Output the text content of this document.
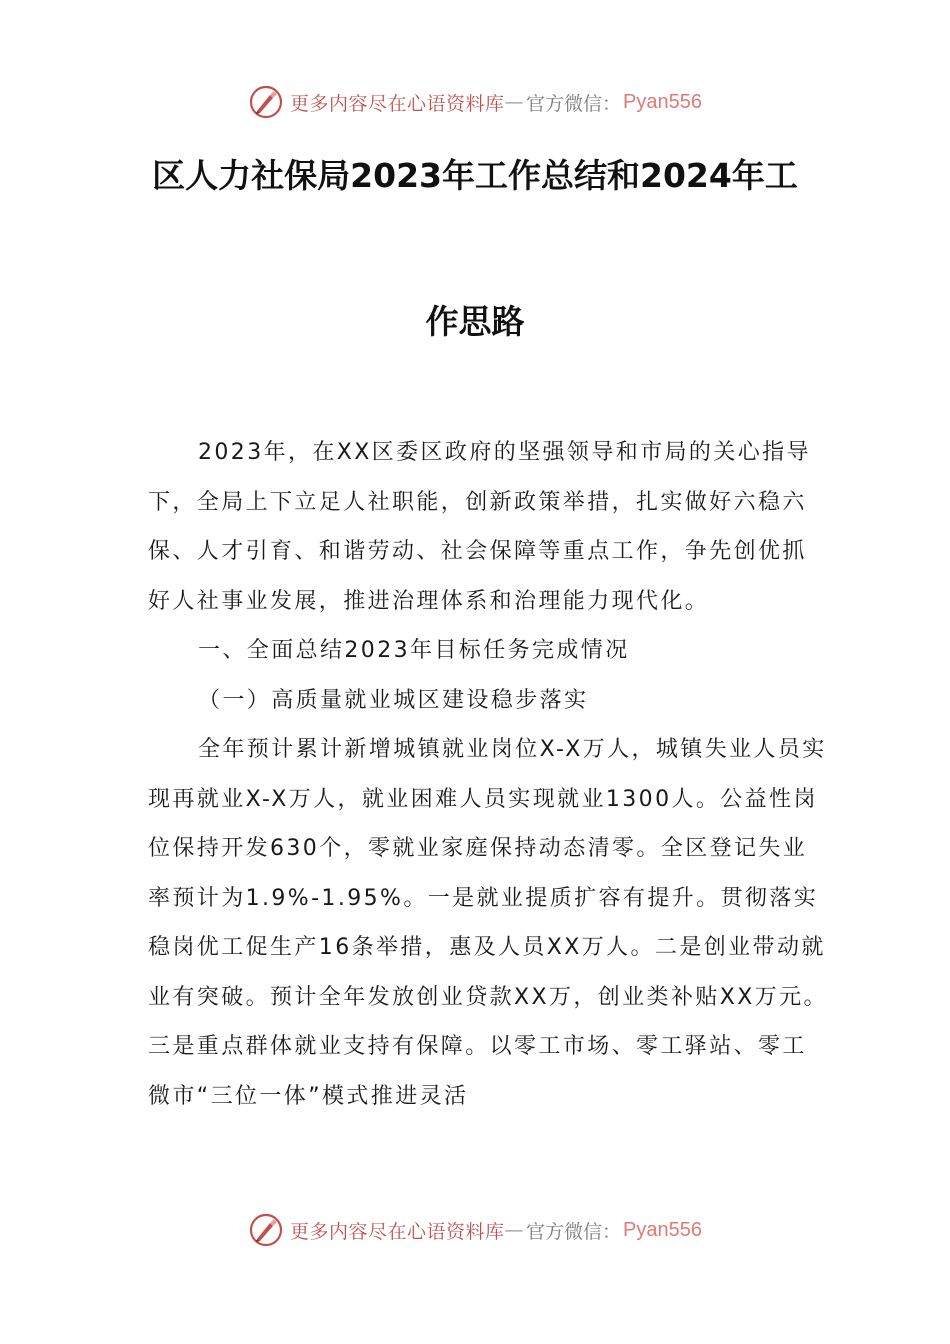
更多内容尽在心语资料库 — 官方微信： Pyan556
区人力社保局2023年工作总结和2024年工
作思路

2023年，在XX区委区政府的坚强领导和市局的关心指导下，全局上下立足人社职能，创新政策举措，扎实做好六稳六保、人才引育、和谐劳动、社会保障等重点工作，争先创优抓好人社事业发展，推进治理体系和治理能力现代化。

一、全面总结2023年目标任务完成情况

（一）高质量就业城区建设稳步落实

全年预计累计新增城镇就业岗位X-X万人，城镇失业人员实现再就业X-X万人，就业困难人员实现就业1300人。公益性岗位保持开发630个，零就业家庭保持动态清零。全区登记失业率预计为1.9%-1.95%。一是就业提质扩容有提升。贯彻落实稳岗优工促生产16条举措，惠及人员XX万人。二是创业带动就业有突破。预计全年发放创业贷款XX万，创业类补贴XX万元。三是重点群体就业支持有保障。以零工市场、零工驿站、零工微市“三位一体”模式推进灵活

更多内容尽在心语资料库 — 官方微信： Pyan556
